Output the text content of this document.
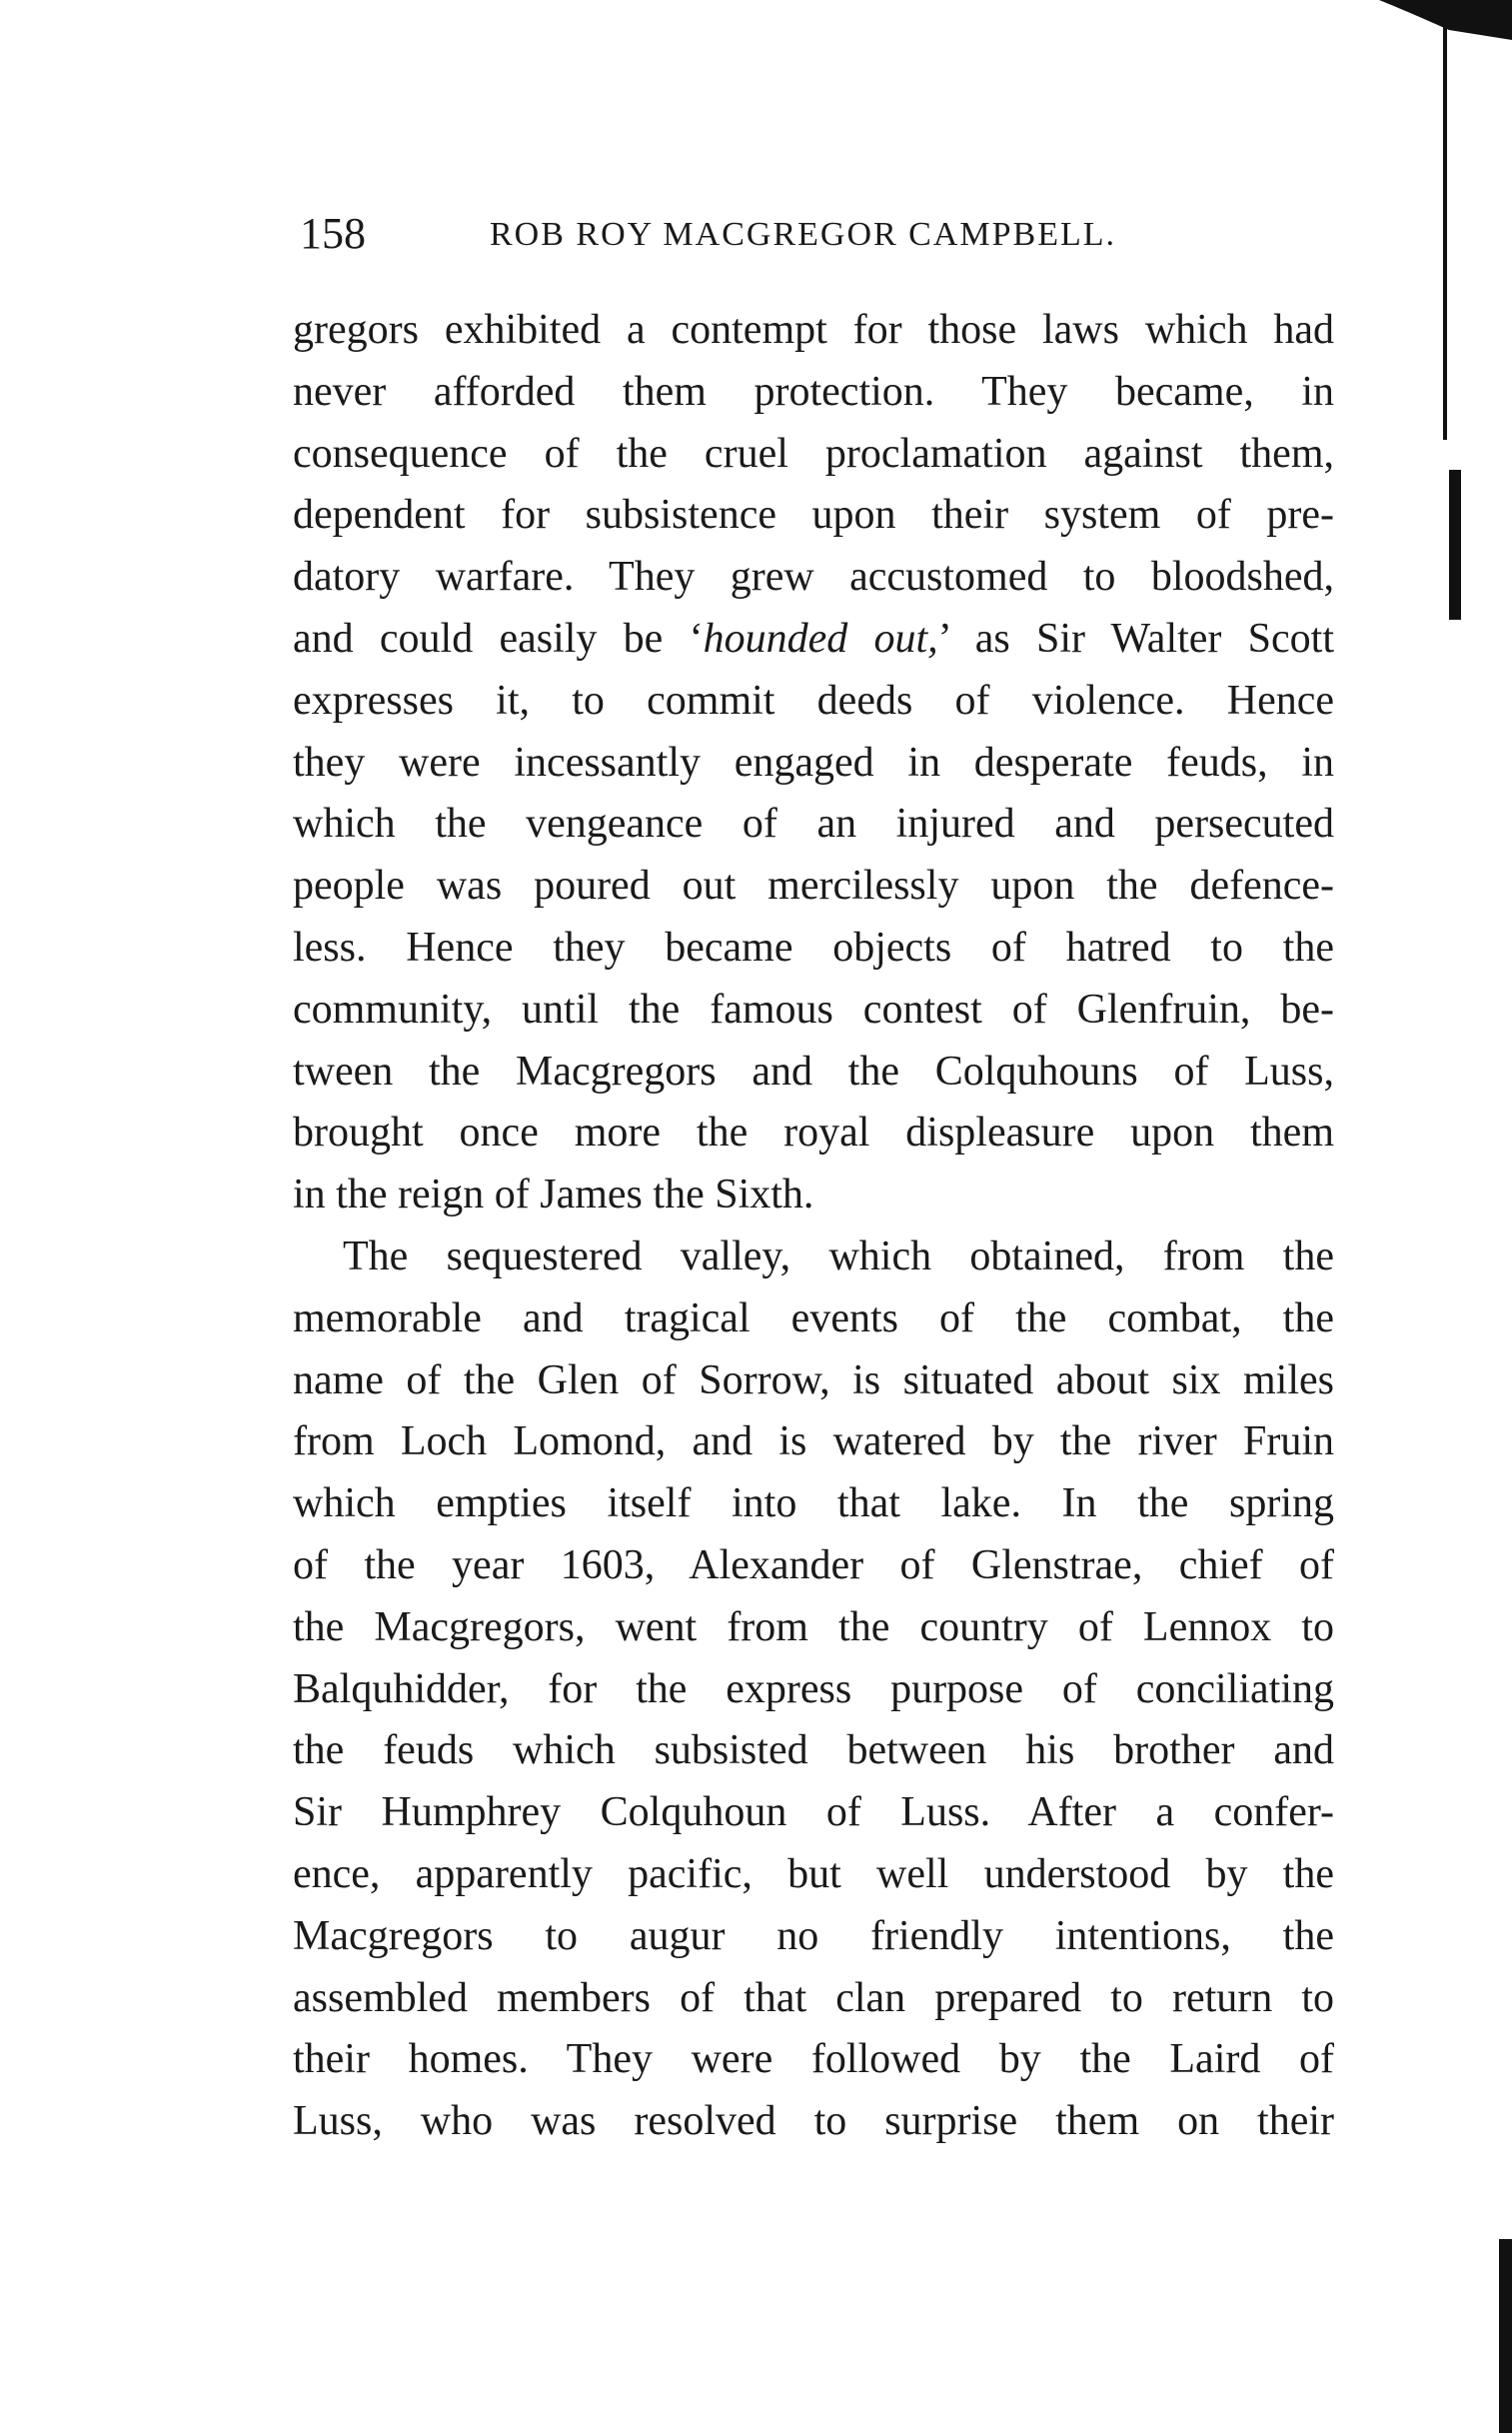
158	ROB ROY MACGREGOR CAMPBELL.
gregors exhibited a contempt for those laws which had
never afforded them protection. They became, in
consequence of the cruel proclamation against them,
dependent for subsistence upon their system of pre-
datory warfare. They grew accustomed to bloodshed,
and could easily be ‘hounded out,’ as Sir Walter Scott
expresses it, to commit deeds of violence. Hence
they were incessantly engaged in desperate feuds, in
which the vengeance of an injured and persecuted
people was poured out mercilessly upon the defence-
less. Hence they became objects of hatred to the
community, until the famous contest of Glenfruin, be-
tween the Macgregors and the Colquhouns of Luss,
brought once more the royal displeasure upon them
in the reign of James the Sixth.
The sequestered valley, which obtained, from the
memorable and tragical events of the combat, the
name of the Glen of Sorrow, is situated about six miles
from Loch Lomond, and is watered by the river Fruin
which empties itself into that lake. In the spring
of the year 1603, Alexander of Glenstrae, chief of
the Macgregors, went from the country of Lennox to
Balquhidder, for the express purpose of conciliating
the feuds which subsisted between his brother and
Sir Humphrey Colquhoun of Luss. After a confer-
ence, apparently pacific, but well understood by the
Macgregors to augur no friendly intentions, the
assembled members of that clan prepared to return to
their homes. They were followed by the Laird of
Luss, who was resolved to surprise them on their
